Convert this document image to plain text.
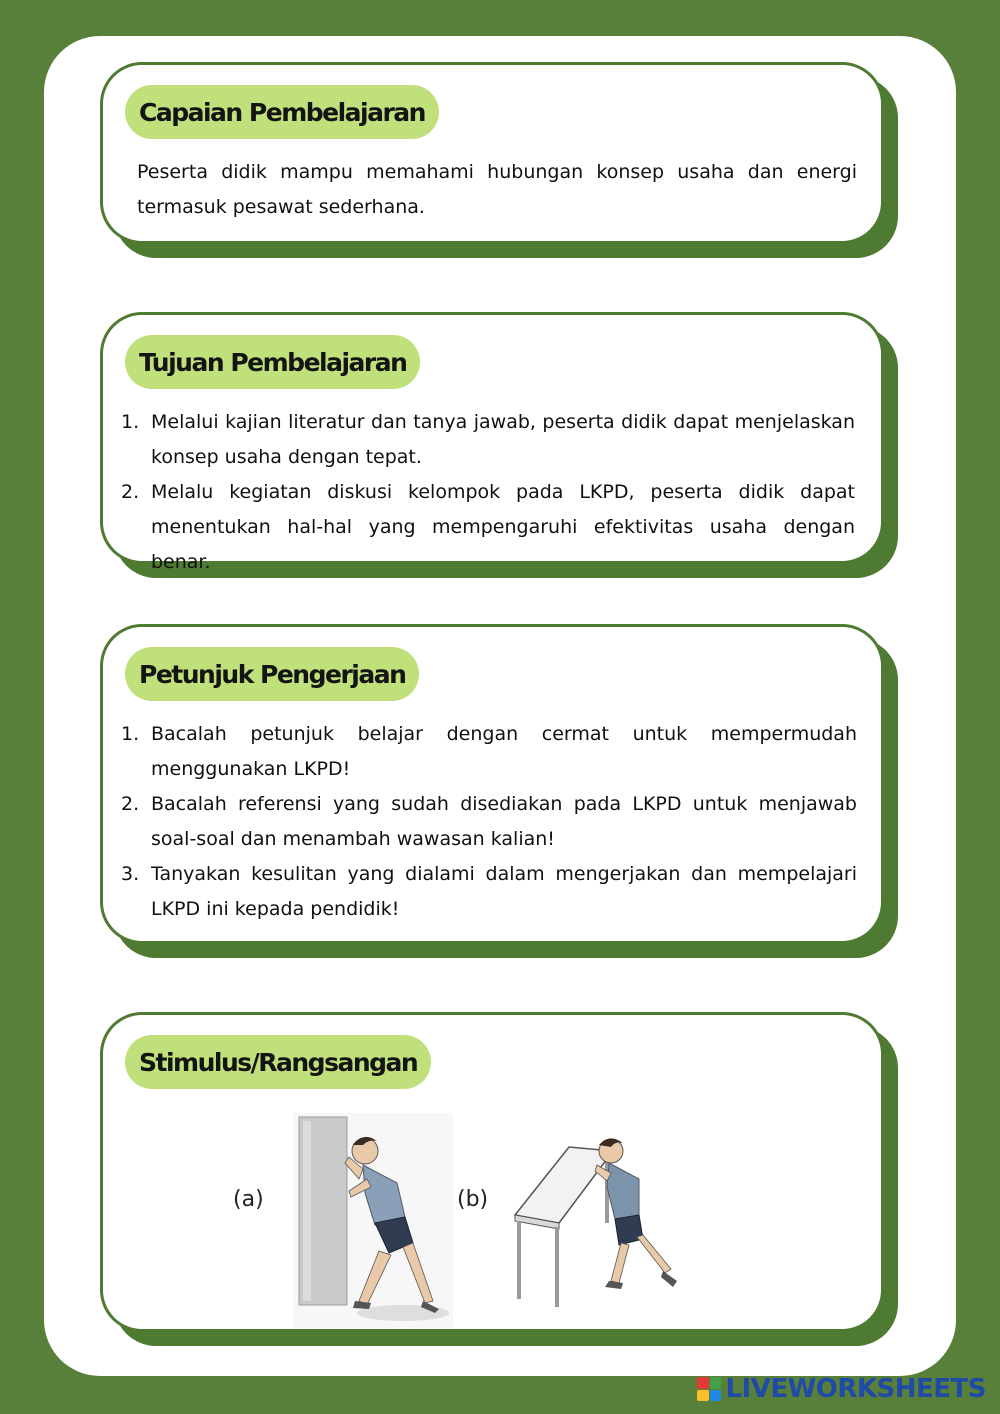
Capaian Pembelajaran

Peserta didik mampu memahami hubungan konsep usaha dan energi termasuk pesawat sederhana.

Tujuan Pembelajaran
1. Melalui kajian literatur dan tanya jawab, peserta didik dapat menjelaskan konsep usaha dengan tepat.
2. Melalu kegiatan diskusi kelompok pada LKPD, peserta didik dapat menentukan hal-hal yang mempengaruhi efektivitas usaha dengan benar.
Petunjuk Pengerjaan
1. Bacalah petunjuk belajar dengan cermat untuk mempermudah menggunakan LKPD!
2. Bacalah referensi yang sudah disediakan pada LKPD untuk menjawab soal-soal dan menambah wawasan kalian!
3. Tanyakan kesulitan yang dialami dalam mengerjakan dan mempelajari LKPD ini kepada pendidik!
Stimulus/Rangsangan
(a)	(b)
LIVEWORKSHEETS
